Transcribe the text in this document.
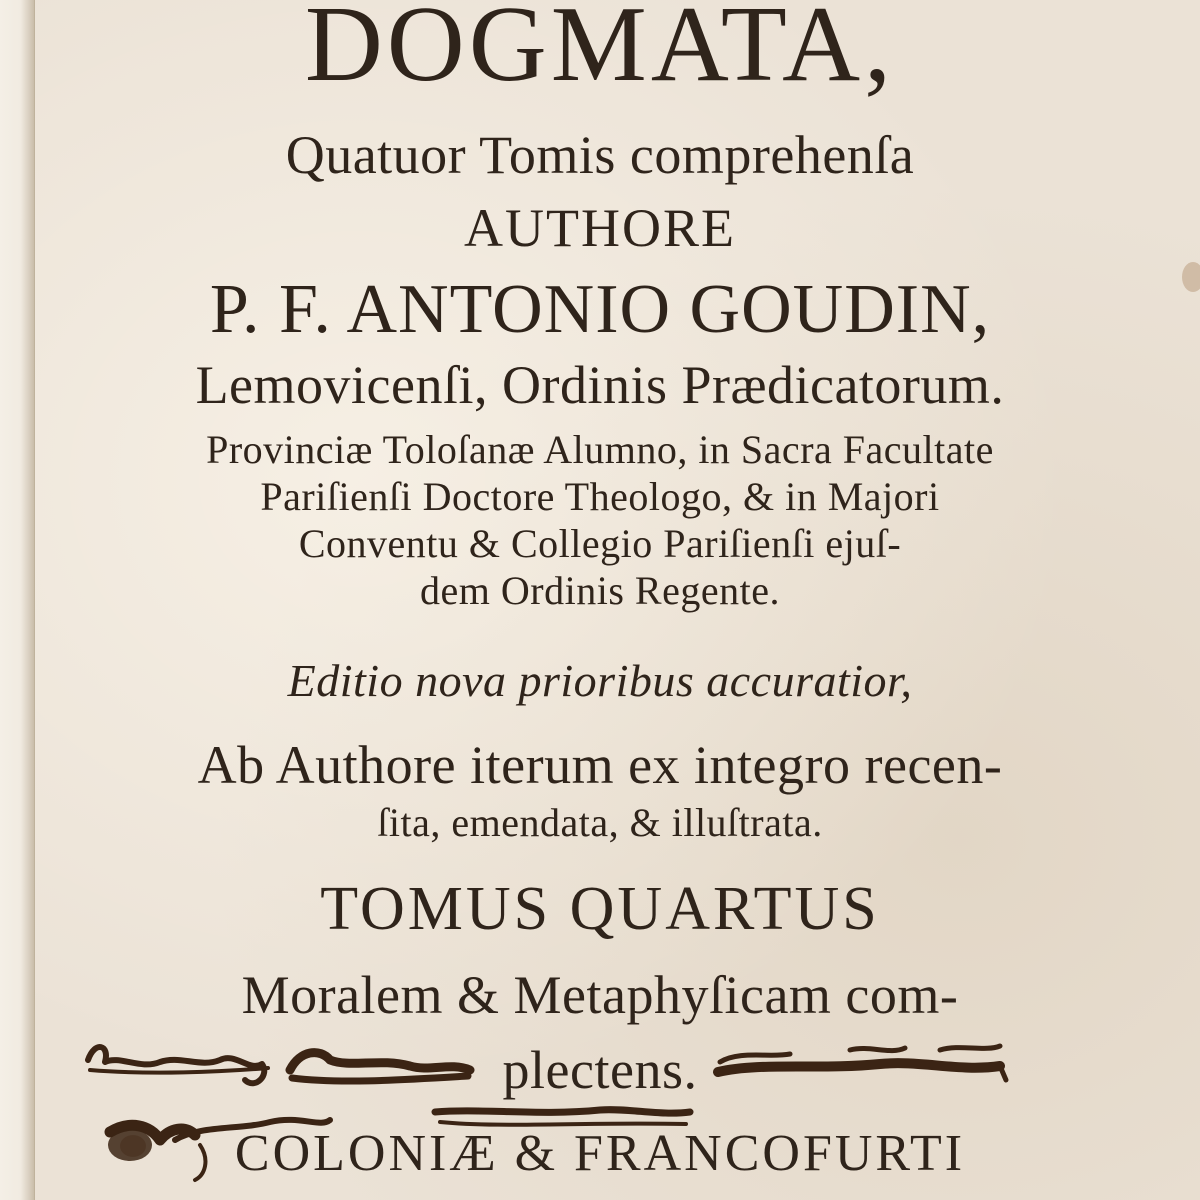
DOGMATA,
Quatuor Tomis comprehenſa
AUTHORE
P. F. ANTONIO GOUDIN,
Lemovicenſi, Ordinis Prædicatorum.
Provinciæ Toloſanæ Alumno, in Sacra Facultate
Pariſienſi Doctore Theologo, & in Majori
Conventu & Collegio Pariſienſi ejuſ-
dem Ordinis Regente.
Editio nova prioribus accuratior,
Ab Authore iterum ex integro recen-
ſita, emendata, & illuſtrata.
TOMUS QUARTUS
Moralem & Metaphyſicam com-
plectens.
COLONIÆ & FRANCOFURTI
